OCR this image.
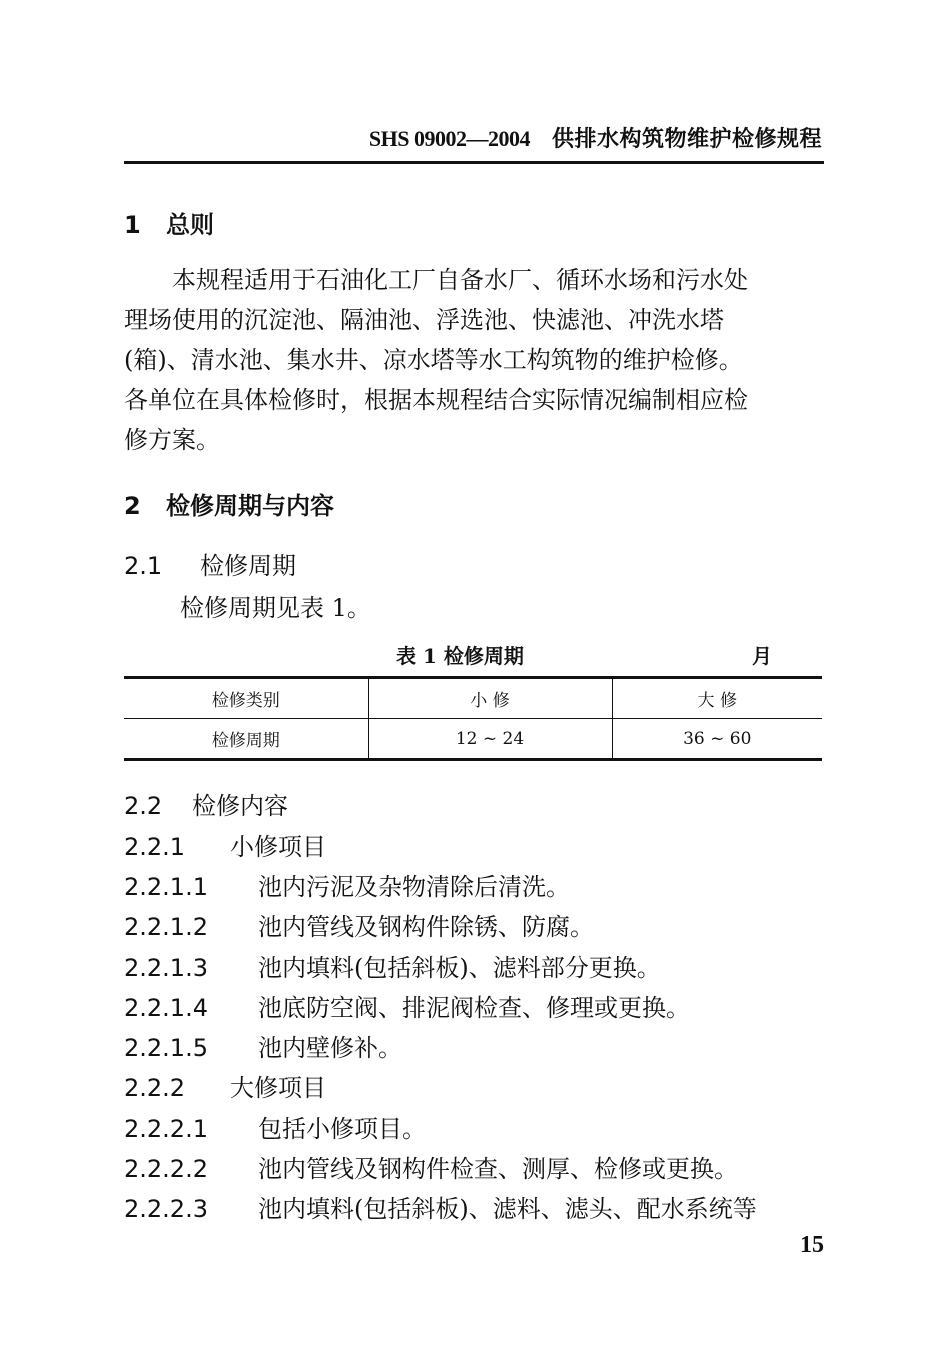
SHS 09002—2004 供排水构筑物维护检修规程
1 总则
本规程适用于石油化工厂自备水厂、循环水场和污水处
理场使用的沉淀池、隔油池、浮选池、快滤池、冲洗水塔
(箱)、清水池、集水井、凉水塔等水工构筑物的维护检修。
各单位在具体检修时，根据本规程结合实际情况编制相应检
修方案。
2 检修周期与内容
2.1 检修周期
检修周期见表 1。
表 1 检修周期	月
检修类别	小 修	大 修
检修周期	12 ~ 24	36 ~ 60
2.2 检修内容
2.2.1 小修项目
2.2.1.1 池内污泥及杂物清除后清洗。
2.2.1.2 池内管线及钢构件除锈、防腐。
2.2.1.3 池内填料(包括斜板)、滤料部分更换。
2.2.1.4 池底防空阀、排泥阀检查、修理或更换。
2.2.1.5 池内壁修补。
2.2.2 大修项目
2.2.2.1 包括小修项目。
2.2.2.2 池内管线及钢构件检查、测厚、检修或更换。
2.2.2.3 池内填料(包括斜板)、滤料、滤头、配水系统等
15
